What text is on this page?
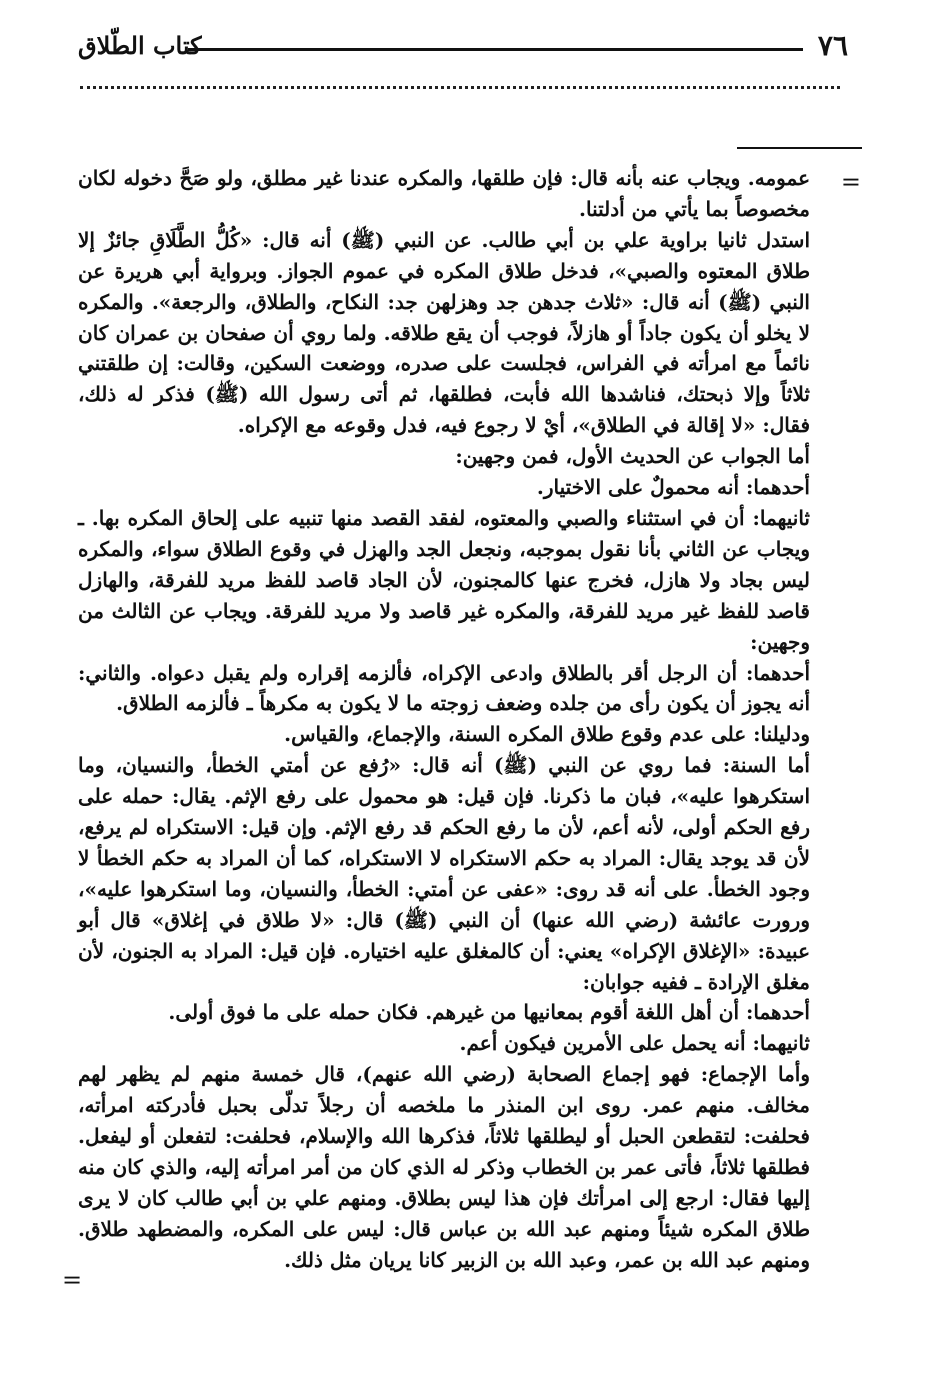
٧٦
كتاب الطّلاق
=

عمومه. ويجاب عنه بأنه قال: فإن طلقها، والمكره عندنا غير مطلق، ولو صَحَّ دخوله لكان مخصوصاً بما يأتي من أدلتنا.

استدل ثانيا براوية علي بن أبي طالب. عن النبي (ﷺ) أنه قال: «كُلُّ الطَّلَاقِ جائزٌ إلا طلاق المعتوه والصبي»، فدخل طلاق المكره في عموم الجواز. وبرواية أبي هريرة عن النبي (ﷺ) أنه قال: «ثلاث جدهن جد وهزلهن جد: النكاح، والطلاق، والرجعة». والمكره لا يخلو أن يكون جاداً أو هازلاً، فوجب أن يقع طلاقه. ولما روي أن صفحان بن عمران كان نائماً مع امرأته في الفراس، فجلست على صدره، ووضعت السكين، وقالت: إن طلقتني ثلاثاً وإلا ذبحتك، فناشدها الله فأبت، فطلقها، ثم أتى رسول الله (ﷺ) فذكر له ذلك، فقال: «لا إقالة في الطلاق»، أيْ لا رجوع فيه، فدل وقوعه مع الإكراه.

أما الجواب عن الحديث الأول، فمن وجهين:

أحدهما: أنه محمولٌ على الاختيار.

ثانيهما: أن في استثناء والصبي والمعتوه، لفقد القصد منها تنبيه على إلحاق المكره بها. ـ ويجاب عن الثاني بأنا نقول بموجبه، ونجعل الجد والهزل في وقوع الطلاق سواء، والمكره ليس بجاد ولا هازل، فخرج عنها كالمجنون، لأن الجاد قاصد للفظ مريد للفرقة، والهازل قاصد للفظ غير مريد للفرقة، والمكره غير قاصد ولا مريد للفرقة. ويجاب عن الثالث من وجهين:

أحدهما: أن الرجل أقر بالطلاق وادعى الإكراه، فألزمه إقراره ولم يقبل دعواه. والثاني: أنه يجوز أن يكون رأى من جلده وضعف زوجته ما لا يكون به مكرهاً ـ فألزمه الطلاق.

ودليلنا: على عدم وقوع طلاق المكره السنة، والإجماع، والقياس.

أما السنة: فما روي عن النبي (ﷺ) أنه قال: «رُفع عن أمتي الخطأ، والنسيان، وما استكرهوا عليه»، فبان ما ذكرنا. فإن قيل: هو محمول على رفع الإثم. يقال: حمله على رفع الحكم أولى، لأنه أعم، لأن ما رفع الحكم قد رفع الإثم. وإن قيل: الاستكراه لم يرفع، لأن قد يوجد يقال: المراد به حكم الاستكراه لا الاستكراه، كما أن المراد به حكم الخطأ لا وجود الخطأ. على أنه قد روى: «عفى عن أمتي: الخطأ، والنسيان، وما استكرهوا عليه»، ورورت عائشة (رضي الله عنها) أن النبي (ﷺ) قال: «لا طلاق في إغلاق» قال أبو عبيدة: «الإغلاق الإكراه» يعني: أن كالمغلق عليه اختياره. فإن قيل: المراد به الجنون، لأن مغلق الإرادة ـ ففيه جوابان:

أحدهما: أن أهل اللغة أقوم بمعانيها من غيرهم. فكان حمله على ما فوق أولى.

ثانيهما: أنه يحمل على الأمرين فيكون أعم.

وأما الإجماع: فهو إجماع الصحابة (رضي الله عنهم)، قال خمسة منهم لم يظهر لهم مخالف. منهم عمر. روى ابن المنذر ما ملخصه أن رجلاً تدلّى بحبل فأدركته امرأته، فحلفت: لتقطعن الحبل أو ليطلقها ثلاثاً، فذكرها الله والإسلام، فحلفت: لتفعلن أو ليفعل. فطلقها ثلاثاً، فأتى عمر بن الخطاب وذكر له الذي كان من أمر امرأته إليه، والذي كان منه إليها فقال: ارجع إلى امرأتك فإن هذا ليس بطلاق. ومنهم علي بن أبي طالب كان لا يرى طلاق المكره شيئاً ومنهم عبد الله بن عباس قال: ليس على المكره، والمضطهد طلاق. ومنهم عبد الله بن عمر، وعبد الله بن الزبير كانا يريان مثل ذلك.

=
